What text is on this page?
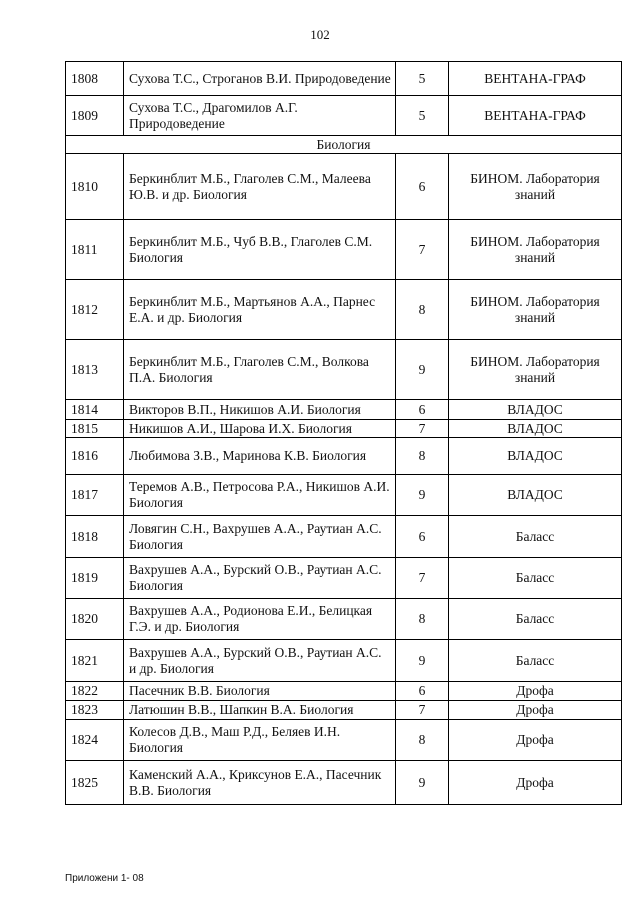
102
1808	Сухова Т.С., Строганов В.И. Природоведение	5	ВЕНТАНА-ГРАФ
1809	Сухова Т.С., Драгомилов А.Г. Природоведение	5	ВЕНТАНА-ГРАФ
Биология			
1810	Беркинблит М.Б., Глаголев С.М., Малеева Ю.В. и др. Биология	6	БИНОМ. Лаборатория знаний
1811	Беркинблит М.Б., Чуб В.В., Глаголев С.М. Биология	7	БИНОМ. Лаборатория знаний
1812	Беркинблит М.Б., Мартьянов А.А., Парнес Е.А. и др. Биология	8	БИНОМ. Лаборатория знаний
1813	Беркинблит М.Б., Глаголев С.М., Волкова П.А. Биология	9	БИНОМ. Лаборатория знаний
1814	Викторов В.П., Никишов А.И. Биология	6	ВЛАДОС
1815	Никишов А.И., Шарова И.Х. Биология	7	ВЛАДОС
1816	Любимова З.В., Маринова К.В. Биология	8	ВЛАДОС
1817	Теремов А.В., Петросова Р.А., Никишов А.И. Биология	9	ВЛАДОС
1818	Ловягин С.Н., Вахрушев А.А., Раутиан А.С. Биология	6	Баласс
1819	Вахрушев А.А., Бурский О.В., Раутиан А.С. Биология	7	Баласс
1820	Вахрушев А.А., Родионова Е.И., Белицкая Г.Э. и др. Биология	8	Баласс
1821	Вахрушев А.А., Бурский О.В., Раутиан А.С. и др. Биология	9	Баласс
1822	Пасечник В.В. Биология	6	Дрофа
1823	Латюшин В.В., Шапкин В.А. Биология	7	Дрофа
1824	Колесов Д.В., Маш Р.Д., Беляев И.Н. Биология	8	Дрофа
1825	Каменский А.А., Криксунов Е.А., Пасечник В.В. Биология	9	Дрофа
Приложени 1- 08
